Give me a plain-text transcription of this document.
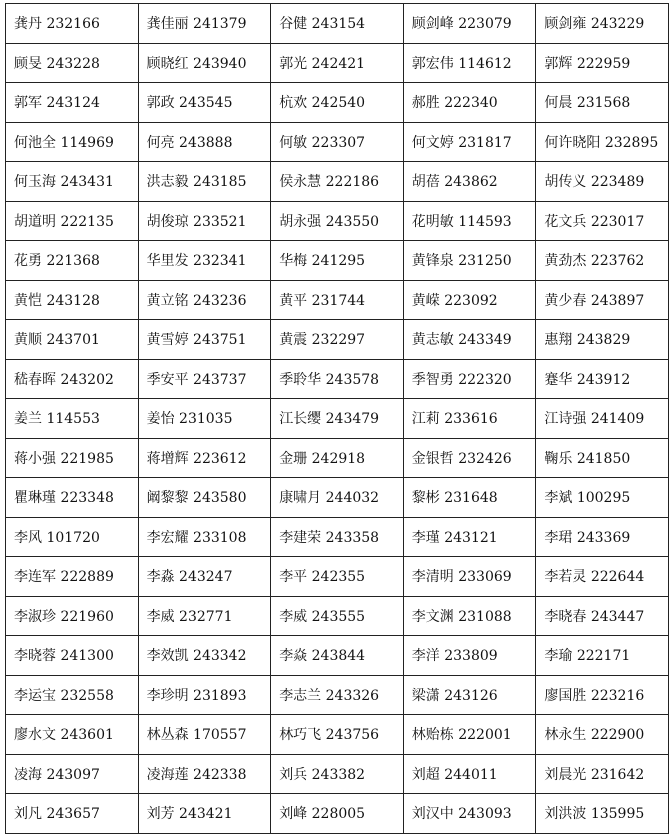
龚丹 232166	龚佳丽 241379	谷健 243154	顾剑峰 223079	顾剑雍 243229
顾旻 243228	顾晓红 243940	郭光 242421	郭宏伟 114612	郭辉 222959
郭军 243124	郭政 243545	杭欢 242540	郝胜 222340	何晨 231568
何池全 114969	何亮 243888	何敏 223307	何文婷 231817	何许晓阳 232895
何玉海 243431	洪志毅 243185	侯永慧 222186	胡蓓 243862	胡传义 223489
胡道明 222135	胡俊琼 233521	胡永强 243550	花明敏 114593	花文兵 223017
花勇 221368	华里发 232341	华梅 241295	黄锋泉 231250	黄劲杰 223762
黄恺 243128	黄立铭 243236	黄平 231744	黄嵘 223092	黄少春 243897
黄顺 243701	黄雪婷 243751	黄震 232297	黄志敏 243349	惠翔 243829
嵇春晖 243202	季安平 243737	季聆华 243578	季智勇 222320	蹇华 243912
姜兰 114553	姜怡 231035	江长缨 243479	江莉 233616	江诗强 241409
蒋小强 221985	蒋增辉 223612	金珊 242918	金银哲 232426	鞠乐 241850
瞿琳瑾 223348	阚黎黎 243580	康啸月 244032	黎彬 231648	李斌 100295
李风 101720	李宏耀 233108	李建荣 243358	李瑾 243121	李珺 243369
李连军 222889	李淼 243247	李平 242355	李清明 233069	李若灵 222644
李淑珍 221960	李威 232771	李威 243555	李文渊 231088	李晓春 243447
李晓蓉 241300	李效凯 243342	李焱 243844	李洋 233809	李瑜 222171
李运宝 232558	李珍明 231893	李志兰 243326	梁潇 243126	廖国胜 223216
廖水文 243601	林丛森 170557	林巧飞 243756	林贻栋 222001	林永生 222900
凌海 243097	凌海莲 242338	刘兵 243382	刘超 244011	刘晨光 231642
刘凡 243657	刘芳 243421	刘峰 228005	刘汉中 243093	刘洪波 135995
